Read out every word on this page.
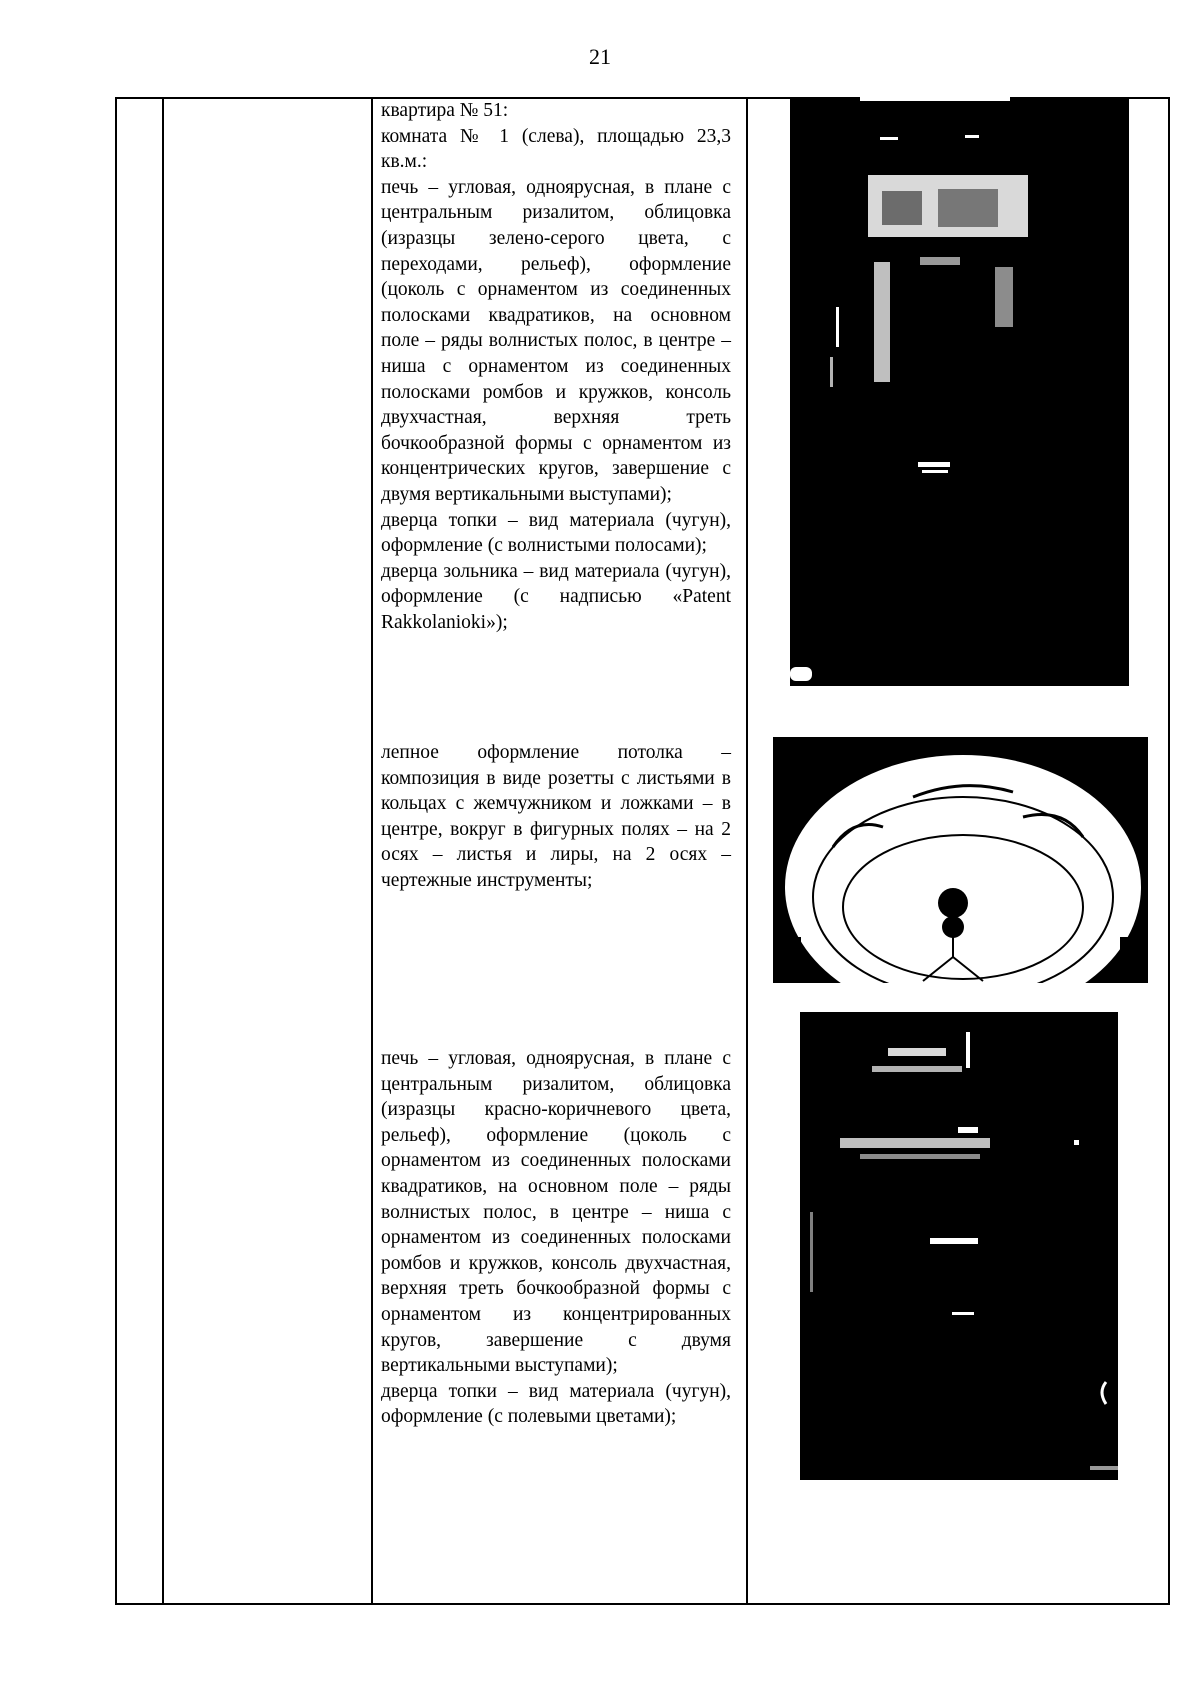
21

квартира № 51:

комната № 1 (слева), площадью 23,3 кв.м.:

печь – угловая, одноярусная, в плане с центральным ризалитом, облицовка (изразцы зелено-серого цвета, с переходами, рельеф), оформление (цоколь с орнаментом из соединенных полосками квадратиков, на основном поле – ряды волнистых полос, в центре – ниша с орнаментом из соединенных полосками ромбов и кружков, консоль двухчастная, верхняя треть бочкообразной формы с орнаментом из концентрических кругов, завершение с двумя вертикальными выступами);

дверца топки – вид материала (чугун), оформление (с волнистыми полосами);

дверца зольника – вид материала (чугун), оформление (с надписью «Patent Rakkolanioki»);

лепное оформление потолка – композиция в виде розетты с листьями в кольцах с жемчужником и ложками – в центре, вокруг в фигурных полях – на 2 осях – листья и лиры, на 2 осях – чертежные инструменты;

печь – угловая, одноярусная, в плане с центральным ризалитом, облицовка (изразцы красно-коричневого цвета, рельеф), оформление (цоколь с орнаментом из соединенных полосками квадратиков, на основном поле – ряды волнистых полос, в центре – ниша с орнаментом из соединенных полосками ромбов и кружков, консоль двухчастная, верхняя треть бочкообразной формы с орнаментом из концентрированных кругов, завершение с двумя вертикальными выступами);

дверца топки – вид материала (чугун), оформление (с полевыми цветами);
